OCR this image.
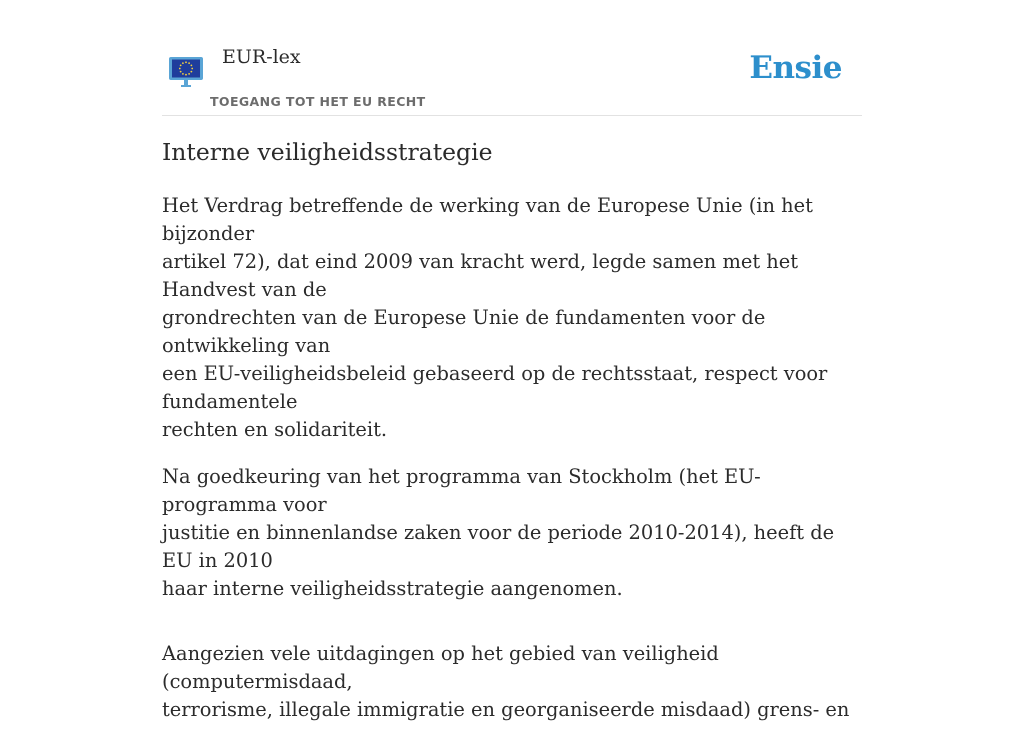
EUR-lex
TOEGANG TOT HET EU RECHT
Ensie
Interne veiligheidsstrategie

Het Verdrag betreffende de werking van de Europese Unie (in het bijzonder
artikel 72), dat eind 2009 van kracht werd, legde samen met het Handvest van de
grondrechten van de Europese Unie de fundamenten voor de ontwikkeling van
een EU-veiligheidsbeleid gebaseerd op de rechtsstaat, respect voor fundamentele
rechten en solidariteit.

Na goedkeuring van het programma van Stockholm (het EU-programma voor
justitie en binnenlandse zaken voor de periode 2010-2014), heeft de EU in 2010
haar interne veiligheidsstrategie aangenomen.

Aangezien vele uitdagingen op het gebied van veiligheid (computermisdaad,
terrorisme, illegale immigratie en georganiseerde misdaad) grens- en
